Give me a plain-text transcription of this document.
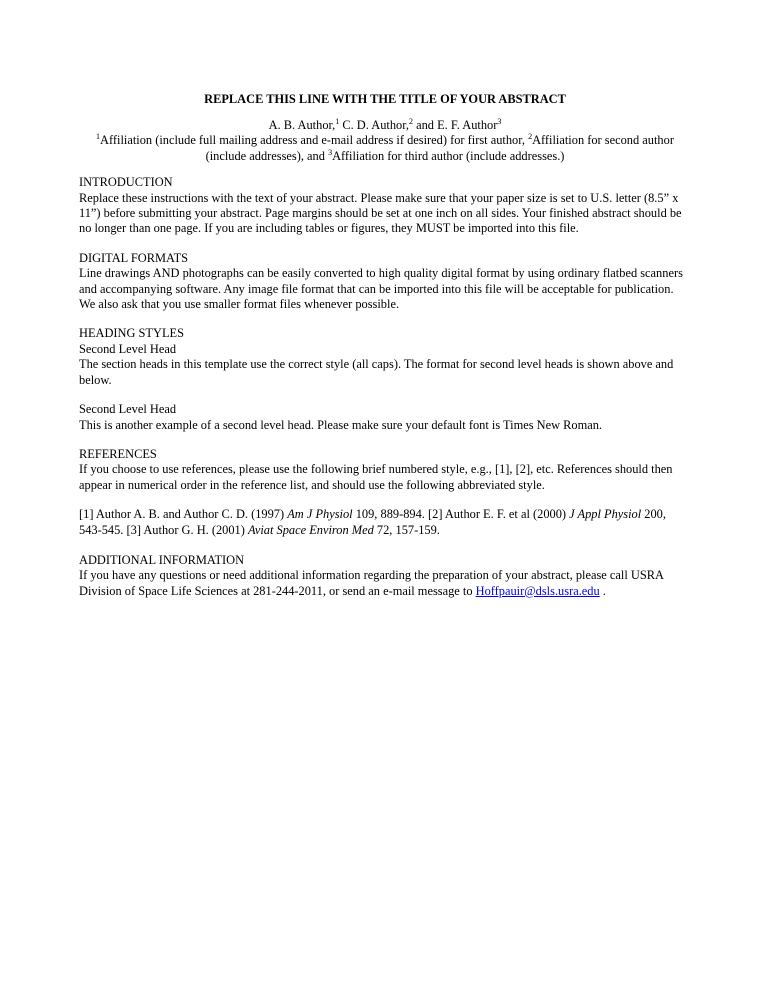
REPLACE THIS LINE WITH THE TITLE OF YOUR ABSTRACT
A. B. Author,$^1$ C. D. Author,$^2$ and E. F. Author$^3$
$^1$Affiliation (include full mailing address and e-mail address if desired) for first author, $^2$Affiliation for second author (include addresses), and $^3$Affiliation for third author (include addresses.)
INTRODUCTION
Replace these instructions with the text of your abstract. Please make sure that your paper size is set to U.S. letter (8.5” x 11”) before submitting your abstract. Page margins should be set at one inch on all sides. Your finished abstract should be no longer than one page. If you are including tables or figures, they MUST be imported into this file.
DIGITAL FORMATS
Line drawings AND photographs can be easily converted to high quality digital format by using ordinary flatbed scanners and accompanying software. Any image file format that can be imported into this file will be acceptable for publication. We also ask that you use smaller format files whenever possible.
HEADING STYLES
Second Level Head
The section heads in this template use the correct style (all caps). The format for second level heads is shown above and below.
Second Level Head
This is another example of a second level head. Please make sure your default font is Times New Roman.
REFERENCES
If you choose to use references, please use the following brief numbered style, e.g., [1], [2], etc. References should then appear in numerical order in the reference list, and should use the following abbreviated style.
[1] Author A. B. and Author C. D. (1997) Am J Physiol 109, 889-894. [2] Author E. F. et al (2000) J Appl Physiol 200, 543-545. [3] Author G. H. (2001) Aviat Space Environ Med 72, 157-159.
ADDITIONAL INFORMATION
If you have any questions or need additional information regarding the preparation of your abstract, please call USRA Division of Space Life Sciences at 281-244-2011, or send an e-mail message to Hoffpauir@dsls.usra.edu .
